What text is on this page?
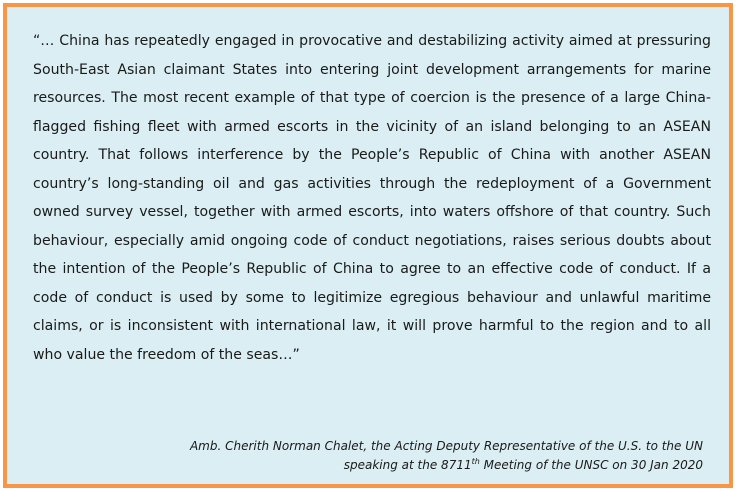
“… China has repeatedly engaged in provocative and destabilizing activity aimed at pressuring South-East Asian claimant States into entering joint development arrangements for marine resources. The most recent example of that type of coercion is the presence of a large China-flagged fishing fleet with armed escorts in the vicinity of an island belonging to an ASEAN country. That follows interference by the People’s Republic of China with another ASEAN country’s long-standing oil and gas activities through the redeployment of a Government owned survey vessel, together with armed escorts, into waters offshore of that country. Such behaviour, especially amid ongoing code of conduct negotiations, raises serious doubts about the intention of the People’s Republic of China to agree to an effective code of conduct. If a code of conduct is used by some to legitimize egregious behaviour and unlawful maritime claims, or is inconsistent with international law, it will prove harmful to the region and to all who value the freedom of the seas…”

Amb. Cherith Norman Chalet, the Acting Deputy Representative of the U.S. to the UN
speaking at the 8711th Meeting of the UNSC on 30 Jan 2020
